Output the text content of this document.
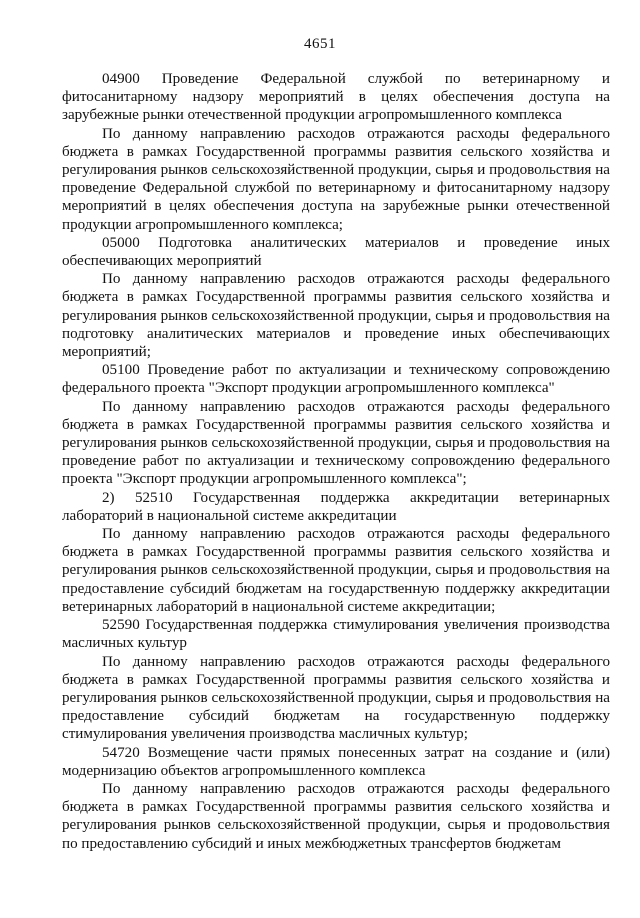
4651

04900 Проведение Федеральной службой по ветеринарному и фитосанитарному надзору мероприятий в целях обеспечения доступа на зарубежные рынки отечественной продукции агропромышленного комплекса

По данному направлению расходов отражаются расходы федерального бюджета в рамках Государственной программы развития сельского хозяйства и регулирования рынков сельскохозяйственной продукции, сырья и продовольствия на проведение Федеральной службой по ветеринарному и фитосанитарному надзору мероприятий в целях обеспечения доступа на зарубежные рынки отечественной продукции агропромышленного комплекса;

05000 Подготовка аналитических материалов и проведение иных обеспечивающих мероприятий

По данному направлению расходов отражаются расходы федерального бюджета в рамках Государственной программы развития сельского хозяйства и регулирования рынков сельскохозяйственной продукции, сырья и продовольствия на подготовку аналитических материалов и проведение иных обеспечивающих мероприятий;

05100 Проведение работ по актуализации и техническому сопровождению федерального проекта "Экспорт продукции агропромышленного комплекса"

По данному направлению расходов отражаются расходы федерального бюджета в рамках Государственной программы развития сельского хозяйства и регулирования рынков сельскохозяйственной продукции, сырья и продовольствия на проведение работ по актуализации и техническому сопровождению федерального проекта "Экспорт продукции агропромышленного комплекса";

2) 52510 Государственная поддержка аккредитации ветеринарных лабораторий в национальной системе аккредитации

По данному направлению расходов отражаются расходы федерального бюджета в рамках Государственной программы развития сельского хозяйства и регулирования рынков сельскохозяйственной продукции, сырья и продовольствия на предоставление субсидий бюджетам на государственную поддержку аккредитации ветеринарных лабораторий в национальной системе аккредитации;

52590 Государственная поддержка стимулирования увеличения производства масличных культур

По данному направлению расходов отражаются расходы федерального бюджета в рамках Государственной программы развития сельского хозяйства и регулирования рынков сельскохозяйственной продукции, сырья и продовольствия на предоставление субсидий бюджетам на государственную поддержку стимулирования увеличения производства масличных культур;

54720 Возмещение части прямых понесенных затрат на создание и (или) модернизацию объектов агропромышленного комплекса

По данному направлению расходов отражаются расходы федерального бюджета в рамках Государственной программы развития сельского хозяйства и регулирования рынков сельскохозяйственной продукции, сырья и продовольствия по предоставлению субсидий и иных межбюджетных трансфертов бюджетам
